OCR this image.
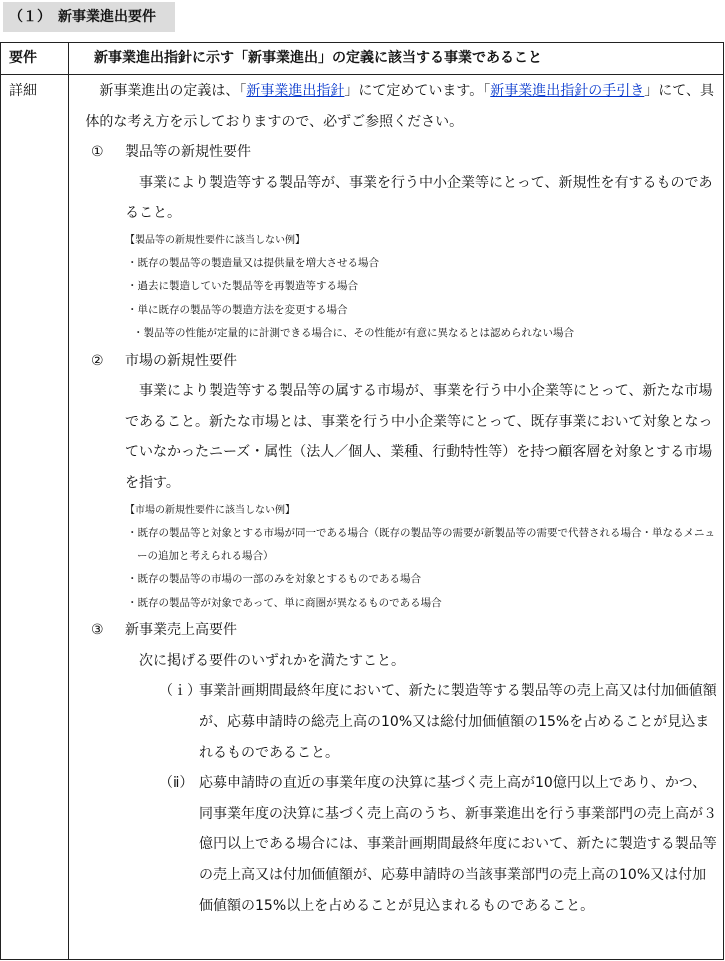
（１）　新事業進出要件
要件	新事業進出指針に示す「新事業進出」の定義に該当する事業であること
詳細	新事業進出の定義は、「新事業進出指針」にて定めています。「新事業進出指針の手引き」にて、具体的な考え方を示しておりますので、必ずご参照ください。

①	製品等の新規性要件

事業により製造等する製品等が、事業を行う中小企業等にとって、新規性を有するものであること。

【製品等の新規性要件に該当しない例】
・既存の製品等の製造量又は提供量を増大させる場合
・過去に製造していた製品等を再製造等する場合
・単に既存の製品等の製造方法を変更する場合
・製品等の性能が定量的に計測できる場合に、その性能が有意に異なるとは認められない場合
②	市場の新規性要件

事業により製造等する製品等の属する市場が、事業を行う中小企業等にとって、新たな市場であること。新たな市場とは、事業を行う中小企業等にとって、既存事業において対象となっていなかったニーズ・属性（法人／個人、業種、行動特性等）を持つ顧客層を対象とする市場を指す。

【市場の新規性要件に該当しない例】
・既存の製品等と対象とする市場が同一である場合（既存の製品等の需要が新製品等の需要で代替される場合・単なるメニューの追加と考えられる場合）
・既存の製品等の市場の一部のみを対象とするものである場合
・既存の製品等が対象であって、単に商圏が異なるものである場合
③	新事業売上高要件
次に掲げる要件のいずれかを満たすこと。
（ｉ）
事業計画期間最終年度において、新たに製造等する製品等の売上高又は付加価値額が、応募申請時の総売上高の10%又は総付加価値額の15%を占めることが見込まれるものであること。
（ⅱ） 応募申請時の直近の事業年度の決算に基づく売上高が10億円以上であり、かつ、同事業年度の決算に基づく売上高のうち、新事業進出を行う事業部門の売上高が３億円以上である場合には、事業計画期間最終年度において、新たに製造する製品等の売上高又は付加価値額が、応募申請時の当該事業部門の売上高の10%又は付加価値額の15%以上を占めることが見込まれるものであること。
